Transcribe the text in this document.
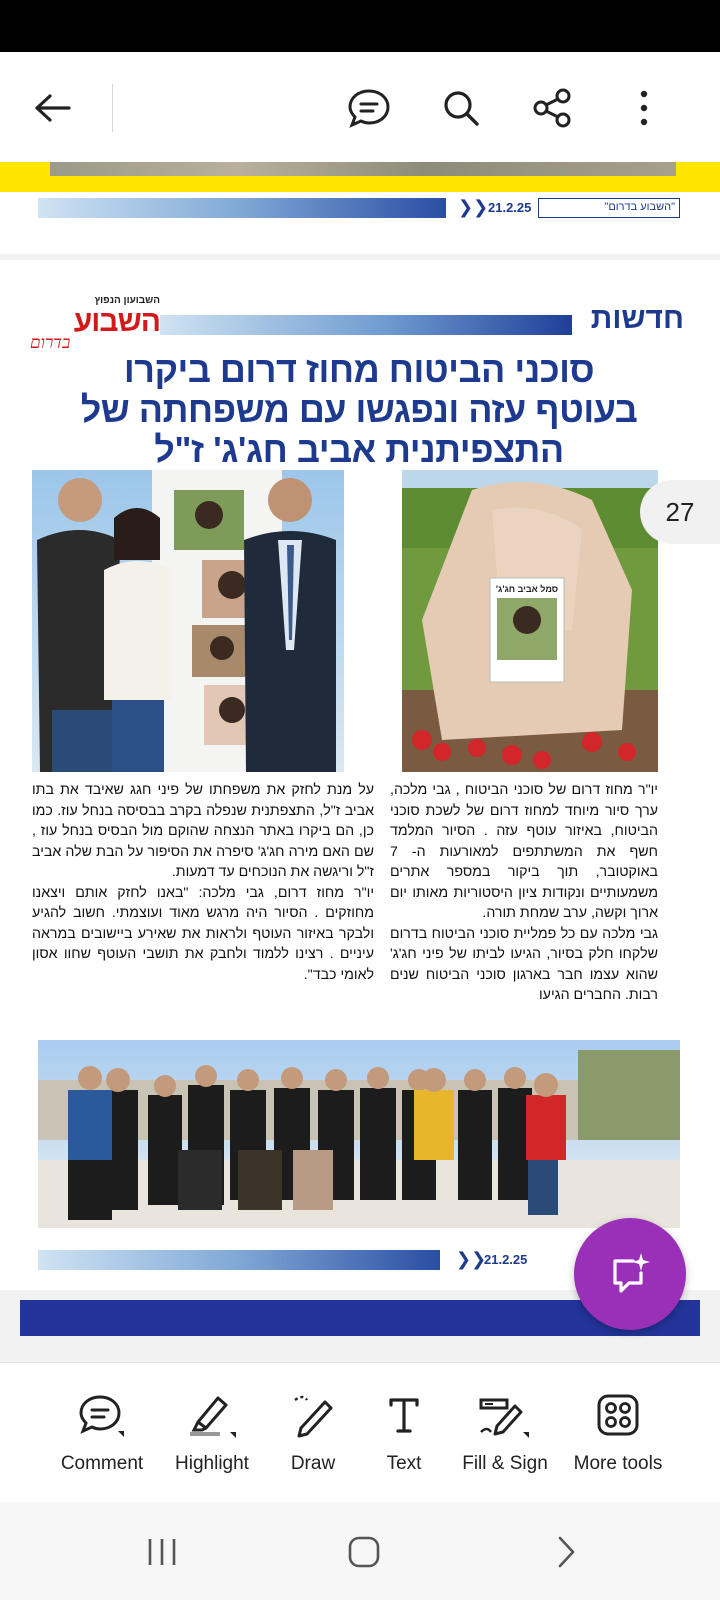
❯❯ 21.2.25	"השבוע בדרום"
השבועון הנפוץ
השבוע
בדרום
חדשות
סוכני הביטוח מחוז דרום ביקרו
בעוטף עזה ונפגשו עם משפחתה של
התצפיתנית אביב חג'ג' ז"ל
סמל אביב חג'ג'

על מנת לחזק את משפחתו של פיני חגג שאיבד את בתו אביב ז"ל, התצפתנית שנפלה בקרב בבסיסה בנחל עוז. כמו כן, הם ביקרו באתר הנצחה שהוקם מול הבסיס בנחל עוז , שם האם מירה חג'ג' סיפרה את הסיפור על הבת שלה אביב ז"ל וריגשה את הנוכחים עד דמעות.

יו"ר מחוז דרום, גבי מלכה: "באנו לחזק אותם ויצאנו מחוזקים . הסיור היה מרגש מאוד ועוצמתי. חשוב להגיע ולבקר באיזור העוטף ולראות את שאירע ביישובים במראה עיניים . רצינו ללמוד ולחבק את תושבי העוטף שחוו אסון לאומי כבד".

יו"ר מחוז דרום של סוכני הביטוח , גבי מלכה, ערך סיור מיוחד למחוז דרום של לשכת סוכני הביטוח, באיזור עוטף עזה . הסיור המלמד חשף את המשתתפים למאורעות ה- 7 באוקטובר, תוך ביקור במספר אתרים משמעותיים ונקודות ציון היסטוריות מאותו יום ארוך וקשה, ערב שמחת תורה.

גבי מלכה עם כל פמליית סוכני הביטוח בדרום שלקחו חלק בסיור, הגיעו לביתו של פיני חג'ג' שהוא עצמו חבר בארגון סוכני הביטוח שנים רבות. החברים הגיעו

❯❯
21.2.25
27
Comment Highlight Draw	Text Fill & Sign More tools
